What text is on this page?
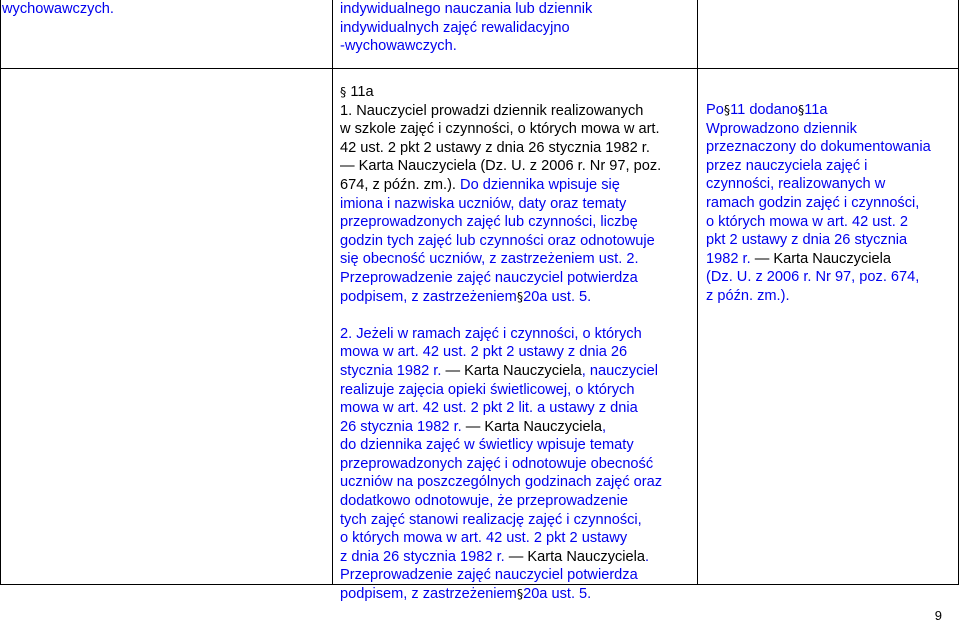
wychowawczych.	indywidualnego nauczania lub dziennik
indywidualnych zajęć rewalidacyjno
-wychowawczych.
§ 11a
1. Nauczyciel prowadzi dziennik realizowanych
w szkole zajęć i czynności, o których mowa w art.
42 ust. 2 pkt 2 ustawy z dnia 26 stycznia 1982 r.
— Karta Nauczyciela (Dz. U. z 2006 r. Nr 97, poz.
674, z późn. zm.). Do dziennika wpisuje się
imiona i nazwiska uczniów, daty oraz tematy
przeprowadzonych zajęć lub czynności, liczbę
godzin tych zajęć lub czynności oraz odnotowuje
się obecność uczniów, z zastrzeżeniem ust. 2.
Przeprowadzenie zajęć nauczyciel potwierdza
podpisem, z zastrzeżeniem§20a ust. 5.
2. Jeżeli w ramach zajęć i czynności, o których
mowa w art. 42 ust. 2 pkt 2 ustawy z dnia 26
stycznia 1982 r. — Karta Nauczyciela, nauczyciel
realizuje zajęcia opieki świetlicowej, o których
mowa w art. 42 ust. 2 pkt 2 lit. a ustawy z dnia
26 stycznia 1982 r. — Karta Nauczyciela,
do dziennika zajęć w świetlicy wpisuje tematy
przeprowadzonych zajęć i odnotowuje obecność
uczniów na poszczególnych godzinach zajęć oraz
dodatkowo odnotowuje, że przeprowadzenie
tych zajęć stanowi realizację zajęć i czynności,
o których mowa w art. 42 ust. 2 pkt 2 ustawy
z dnia 26 stycznia 1982 r. — Karta Nauczyciela.
Przeprowadzenie zajęć nauczyciel potwierdza
podpisem, z zastrzeżeniem§20a ust. 5.
Po§11 dodano§11a
Wprowadzono dziennik
przeznaczony do dokumentowania
przez nauczyciela zajęć i
czynności, realizowanych w
ramach godzin zajęć i czynności,
o których mowa w art. 42 ust. 2
pkt 2 ustawy z dnia 26 stycznia
1982 r. — Karta Nauczyciela
(Dz. U. z 2006 r. Nr 97, poz. 674,
z późn. zm.).
9
